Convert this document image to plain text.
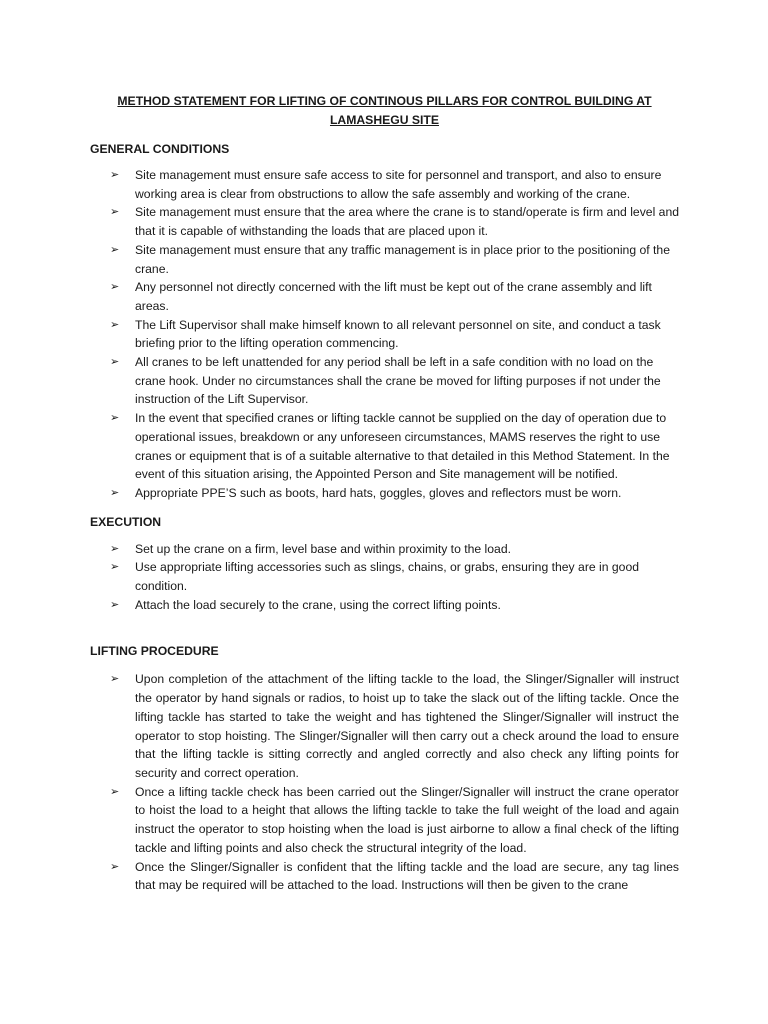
METHOD STATEMENT FOR LIFTING OF CONTINOUS PILLARS FOR CONTROL BUILDING AT LAMASHEGU SITE
GENERAL CONDITIONS
➢ Site management must ensure safe access to site for personnel and transport, and also to ensure working area is clear from obstructions to allow the safe assembly and working of the crane.
➢ Site management must ensure that the area where the crane is to stand/operate is firm and level and that it is capable of withstanding the loads that are placed upon it.
➢ Site management must ensure that any traffic management is in place prior to the positioning of the crane.
➢ Any personnel not directly concerned with the lift must be kept out of the crane assembly and lift areas.
➢ The Lift Supervisor shall make himself known to all relevant personnel on site, and conduct a task briefing prior to the lifting operation commencing.
➢ All cranes to be left unattended for any period shall be left in a safe condition with no load on the crane hook. Under no circumstances shall the crane be moved for lifting purposes if not under the instruction of the Lift Supervisor.
➢ In the event that specified cranes or lifting tackle cannot be supplied on the day of operation due to operational issues, breakdown or any unforeseen circumstances, MAMS reserves the right to use cranes or equipment that is of a suitable alternative to that detailed in this Method Statement. In the event of this situation arising, the Appointed Person and Site management will be notified.
➢ Appropriate PPE’S such as boots, hard hats, goggles, gloves and reflectors must be worn.
EXECUTION
➢ Set up the crane on a firm, level base and within proximity to the load.
➢ Use appropriate lifting accessories such as slings, chains, or grabs, ensuring they are in good condition.
➢ Attach the load securely to the crane, using the correct lifting points.
LIFTING PROCEDURE
➢ Upon completion of the attachment of the lifting tackle to the load, the Slinger/Signaller will instruct the operator by hand signals or radios, to hoist up to take the slack out of the lifting tackle. Once the lifting tackle has started to take the weight and has tightened the Slinger/Signaller will instruct the operator to stop hoisting. The Slinger/Signaller will then carry out a check around the load to ensure that the lifting tackle is sitting correctly and angled correctly and also check any lifting points for security and correct operation.
➢ Once a lifting tackle check has been carried out the Slinger/Signaller will instruct the crane operator to hoist the load to a height that allows the lifting tackle to take the full weight of the load and again instruct the operator to stop hoisting when the load is just airborne to allow a final check of the lifting tackle and lifting points and also check the structural integrity of the load.
➢ Once the Slinger/Signaller is confident that the lifting tackle and the load are secure, any tag lines that may be required will be attached to the load. Instructions will then be given to the crane
